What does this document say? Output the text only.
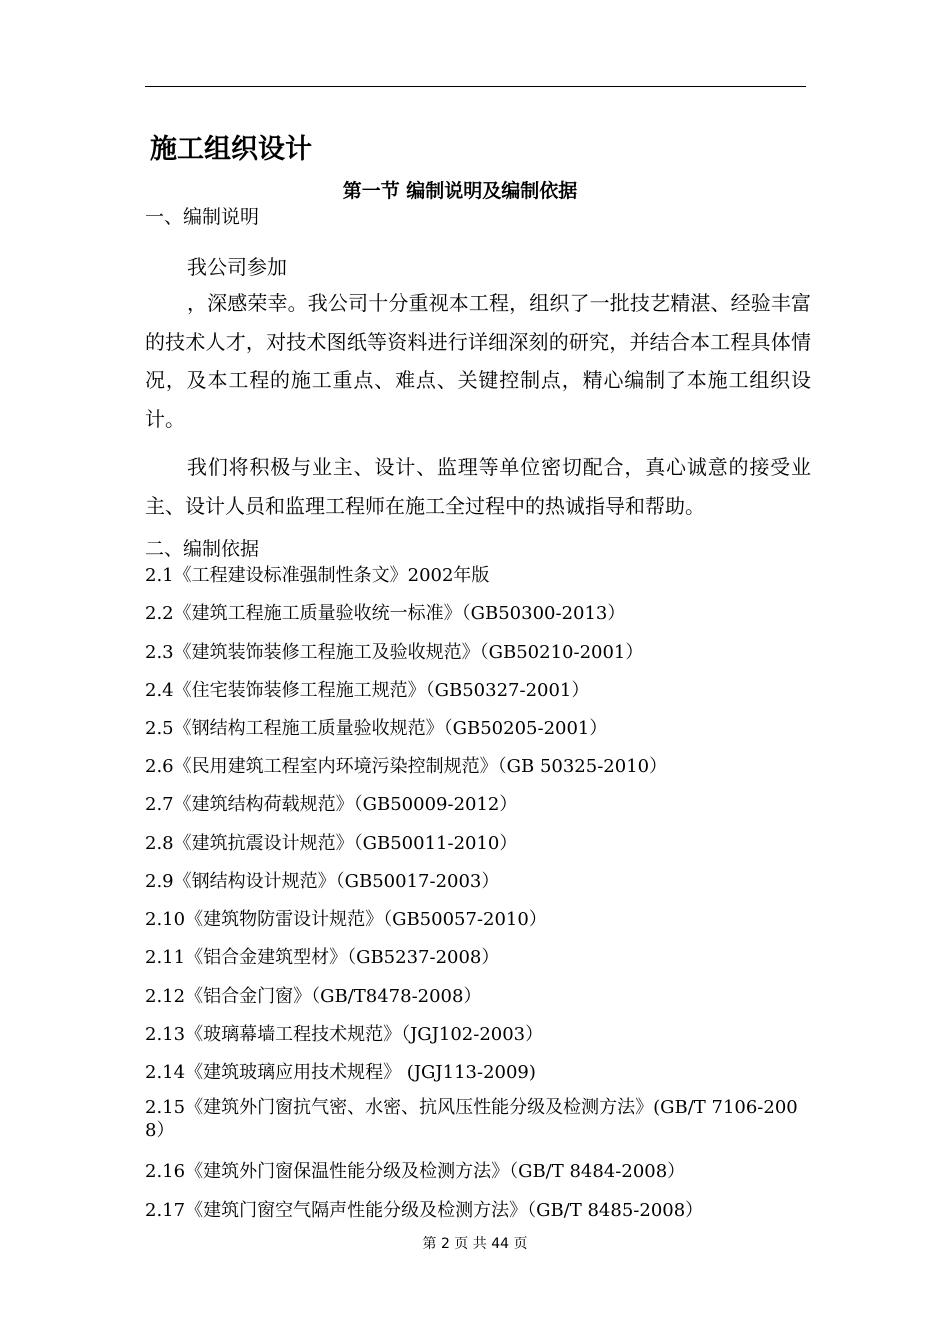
施工组织设计
第一节 编制说明及编制依据
一、编制说明

我公司参加

，深感荣幸。我公司十分重视本工程，组织了一批技艺精湛、经验丰富的技术人才，对技术图纸等资料进行详细深刻的研究，并结合本工程具体情况，及本工程的施工重点、难点、关键控制点，精心编制了本施工组织设计。

我们将积极与业主、设计、监理等单位密切配合，真心诚意的接受业主、设计人员和监理工程师在施工全过程中的热诚指导和帮助。

二、编制依据
2.1《工程建设标准强制性条文》2002年版
2.2《建筑工程施工质量验收统一标准》（GB50300-2013）
2.3《建筑装饰装修工程施工及验收规范》（GB50210-2001）
2.4《住宅装饰装修工程施工规范》（GB50327-2001）
2.5《钢结构工程施工质量验收规范》（GB50205-2001）
2.6《民用建筑工程室内环境污染控制规范》（GB 50325-2010）
2.7《建筑结构荷载规范》（GB50009-2012）
2.8《建筑抗震设计规范》（GB50011-2010）
2.9《钢结构设计规范》（GB50017-2003）
2.10《建筑物防雷设计规范》（GB50057-2010）
2.11《铝合金建筑型材》（GB5237-2008）
2.12《铝合金门窗》（GB/T8478-2008）
2.13《玻璃幕墙工程技术规范》（JGJ102-2003）
2.14《建筑玻璃应用技术规程》 (JGJ113-2009)
2.15《建筑外门窗抗气密、水密、抗风压性能分级及检测方法》(GB/T 7106-2008）
2.16《建筑外门窗保温性能分级及检测方法》（GB/T 8484-2008）
2.17《建筑门窗空气隔声性能分级及检测方法》（GB/T 8485-2008）
第 2 页 共 44 页
